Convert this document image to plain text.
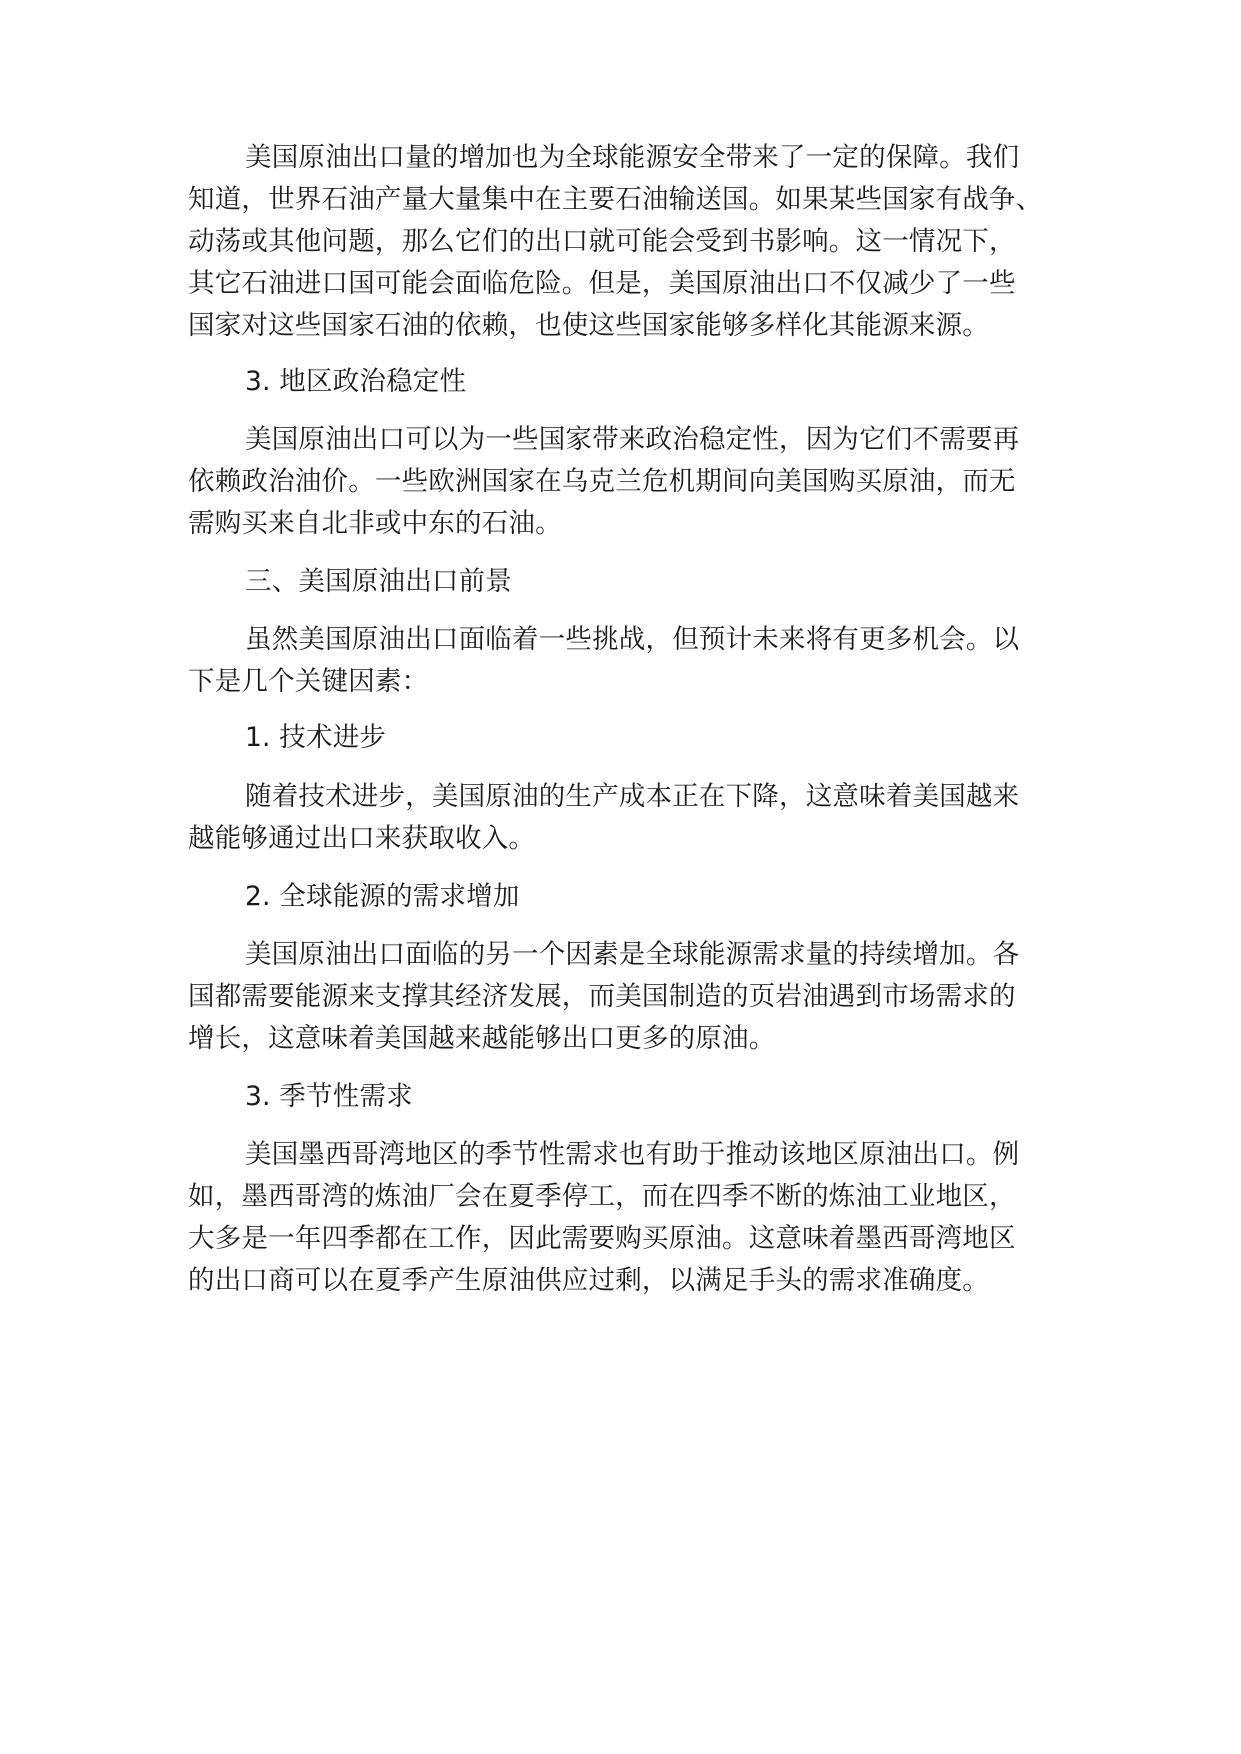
美国原油出口量的增加也为全球能源安全带来了一定的保障。我们
知道，世界石油产量大量集中在主要石油输送国。如果某些国家有战争、
动荡或其他问题，那么它们的出口就可能会受到书影响。这一情况下，
其它石油进口国可能会面临危险。但是，美国原油出口不仅减少了一些
国家对这些国家石油的依赖，也使这些国家能够多样化其能源来源。
3. 地区政治稳定性
美国原油出口可以为一些国家带来政治稳定性，因为它们不需要再
依赖政治油价。一些欧洲国家在乌克兰危机期间向美国购买原油，而无
需购买来自北非或中东的石油。
三、美国原油出口前景
虽然美国原油出口面临着一些挑战，但预计未来将有更多机会。以
下是几个关键因素：
1. 技术进步
随着技术进步，美国原油的生产成本正在下降，这意味着美国越来
越能够通过出口来获取收入。
2. 全球能源的需求增加
美国原油出口面临的另一个因素是全球能源需求量的持续增加。各
国都需要能源来支撑其经济发展，而美国制造的页岩油遇到市场需求的
增长，这意味着美国越来越能够出口更多的原油。
3. 季节性需求
美国墨西哥湾地区的季节性需求也有助于推动该地区原油出口。例
如，墨西哥湾的炼油厂会在夏季停工，而在四季不断的炼油工业地区，
大多是一年四季都在工作，因此需要购买原油。这意味着墨西哥湾地区
的出口商可以在夏季产生原油供应过剩，以满足手头的需求准确度。
